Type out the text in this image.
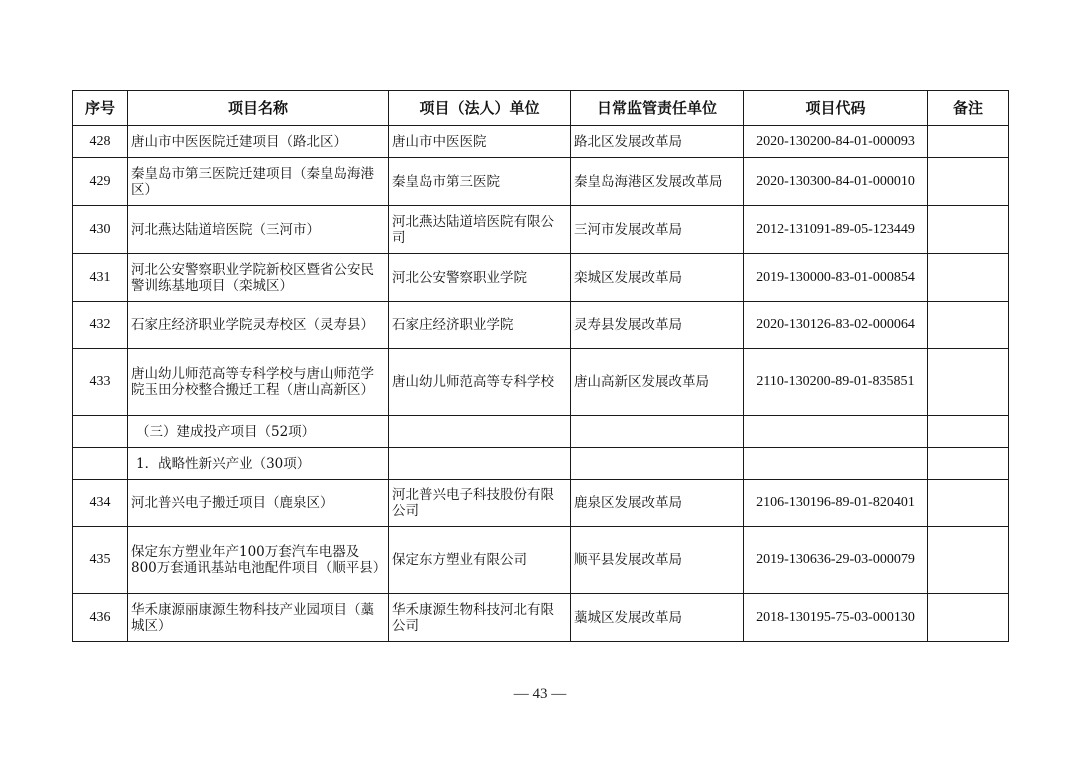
序号	项目名称	项目（法人）单位	日常监管责任单位	项目代码	备注
428	唐山市中医医院迁建项目（路北区）	唐山市中医医院	路北区发展改革局	2020-130200-84-01-000093	
429	秦皇岛市第三医院迁建项目（秦皇岛海港区）	秦皇岛市第三医院	秦皇岛海港区发展改革局	2020-130300-84-01-000010	
430	河北燕达陆道培医院（三河市）	河北燕达陆道培医院有限公司	三河市发展改革局	2012-131091-89-05-123449	
431	河北公安警察职业学院新校区暨省公安民警训练基地项目（栾城区）	河北公安警察职业学院	栾城区发展改革局	2019-130000-83-01-000854	
432	石家庄经济职业学院灵寿校区（灵寿县）	石家庄经济职业学院	灵寿县发展改革局	2020-130126-83-02-000064	
433	唐山幼儿师范高等专科学校与唐山师范学院玉田分校整合搬迁工程（唐山高新区）	唐山幼儿师范高等专科学校	唐山高新区发展改革局	2110-130200-89-01-835851	
	（三）建成投产项目（52项）				
	1．战略性新兴产业（30项）				
434	河北普兴电子搬迁项目（鹿泉区）	河北普兴电子科技股份有限公司	鹿泉区发展改革局	2106-130196-89-01-820401	
435	保定东方塑业年产100万套汽车电器及800万套通讯基站电池配件项目（顺平县）	保定东方塑业有限公司	顺平县发展改革局	2019-130636-29-03-000079	
436	华禾康源丽康源生物科技产业园项目（藁城区）	华禾康源生物科技河北有限公司	藁城区发展改革局	2018-130195-75-03-000130	
— 43 —
